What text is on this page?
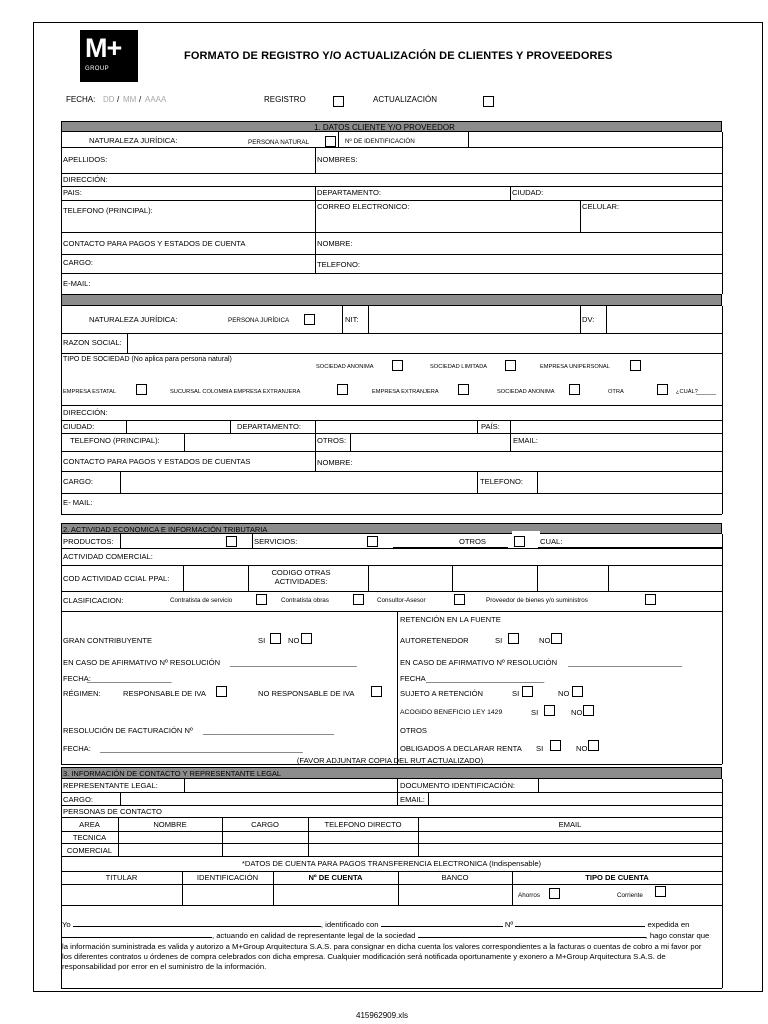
M+
GROUP
FORMATO DE REGISTRO Y/O ACTUALIZACIÓN DE CLIENTES Y PROVEEDORES
FECHA: DD / MM / AAAA	REGISTRO	ACTUALIZACIÓN
1. DATOS CLIENTE Y/O PROVEEDOR
NATURALEZA JURÍDICA:	PERSONA NATURAL	Nº DE IDENTIFICACIÓN
APELLIDOS:	NOMBRES:
DIRECCIÓN:
PAIS:	DEPARTAMENTO:	CIUDAD:
TELEFONO (PRINCIPAL):	CORREO ELECTRONICO:	CELULAR:
CONTACTO PARA PAGOS Y ESTADOS DE CUENTA	NOMBRE:
CARGO:	TELEFONO:
E-MAIL:
NATURALEZA JURÍDICA:	PERSONA JURÍDICA	NIT:	DV:
RAZON SOCIAL:
TIPO DE SOCIEDAD (No aplica para persona natural)
SOCIEDAD ANONIMA	SOCIEDAD LIMITADA	EMPRESA UNIPERSONAL
EMPRESA ESTATAL	SUCURSAL COLOMBIA EMPRESA EXTRANJERA	EMPRESA EXTRANJERA	SOCIEDAD ANONIMA	OTRA	¿CUÁL?
______
DIRECCIÓN:
CIUDAD:	DEPARTAMENTO:	PAÍS:
TELEFONO (PRINCIPAL):	OTROS:	EMAIL:
CONTACTO PARA PAGOS Y ESTADOS DE CUENTAS	NOMBRE:
CARGO:	TELEFONO:
E- MAIL:
2. ACTIVIDAD ECONOMICA E INFORMACIÓN TRIBUTARIA
PRODUCTOS:	SERVICIOS:	OTROS	CUAL:
ACTIVIDAD COMERCIAL:
COD ACTIVIDAD CCIAL PPAL:
CODIGO OTRAS ACTIVIDADES:
CLASIFICACION:	Contratista de servicio	Contratista obras	Consultor-Asesor	Proveedor de bienes y/o suministros
RETENCIÓN EN LA FUENTE
GRAN CONTRIBUYENTE	SI	NO	AUTORETENEDOR	SI	NO
EN CASO DE AFIRMATIVO Nº RESOLUCIÓN ______________________________	EN CASO DE AFIRMATIVO Nº RESOLUCIÓN ___________________________
FECHA:
____________________	FECHA ____________________________
RÉGIMEN:	RESPONSABLE DE IVA	NO RESPONSABLE DE IVA	SUJETO A RETENCIÓN	SI	NO
ACOGIDO BENEFICIO LEY 1429	SI	NO
RESOLUCIÓN DE FACTURACIÓN Nº _______________________________	OTROS
FECHA: ________________________________________________	OBLIGADOS A DECLARAR RENTA SI	NO
(FAVOR ADJUNTAR COPIA DEL RUT ACTUALIZADO)
3. INFORMACIÓN DE CONTACTO Y REPRESENTANTE LEGAL
REPRESENTANTE LEGAL:	DOCUMENTO IDENTIFICACIÓN:
CARGO:	EMAIL:
PERSONAS DE CONTACTO
AREA	NOMBRE	CARGO	TELEFONO DIRECTO	EMAIL
TECNICA
COMERCIAL
*DATOS DE CUENTA PARA PAGOS TRANSFERENCIA ELECTRONICA (Indispensable)
TITULAR	IDENTIFICACIÓN	Nº DE CUENTA	BANCO	TIPO DE CUENTA
Ahorros	Corriente
Yo	, identificado con	Nº	expedida en
, actuando en calidad de representante legal de la sociedad	, hago constar que la información suministrada es valida y autorizo a M+Group Arquitectura S.A.S. para consignar en dicha cuenta los valores correspondientes a la facturas o cuentas de cobro a mi favor por los diferentes contratos u órdenes de compra celebrados con dicha empresa. Cualquier modificación será notificada oportunamente y exonero a M+Group Arquitectura S.A.S. de responsabilidad por error en el suministro de la información.
415962909.xls
